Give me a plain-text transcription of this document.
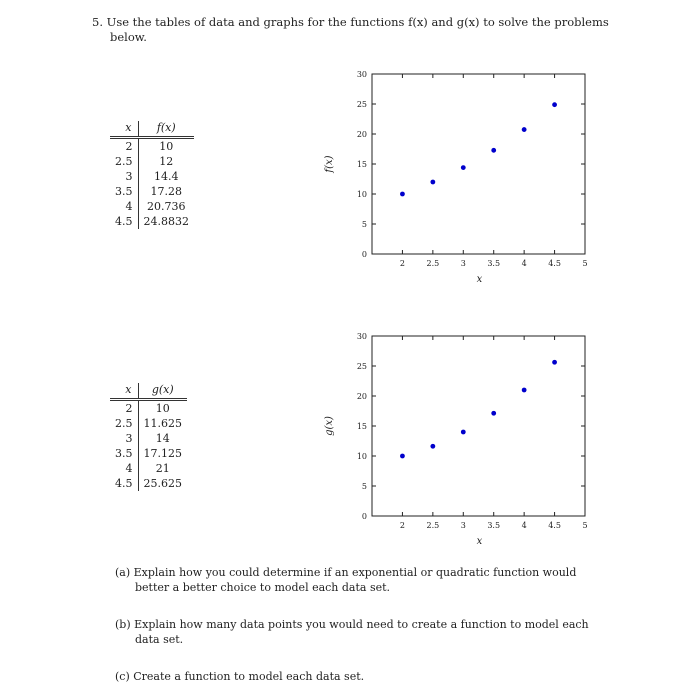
5. Use the tables of data and graphs for the functions f(x) and g(x) to solve the problems
below.
x	f(x)
2	10
2.5	12
3	14.4
3.5	17.28
4	20.736
4.5	24.8832
x	g(x)
2	10
2.5	11.625
3	14
3.5	17.125
4	21
4.5	25.625
2	2.5	3	3.5	4	4.5	5
0
5
10
15
20
25
30
x
f(x)
2	2.5	3	3.5	4	4.5	5
0
5
10
15
20
25
30
x
g(x)
(a) Explain how you could determine if an exponential or quadratic function would better a better choice to model each data set.
(b) Explain how many data points you would need to create a function to model each data set.
(c) Create a function to model each data set.
